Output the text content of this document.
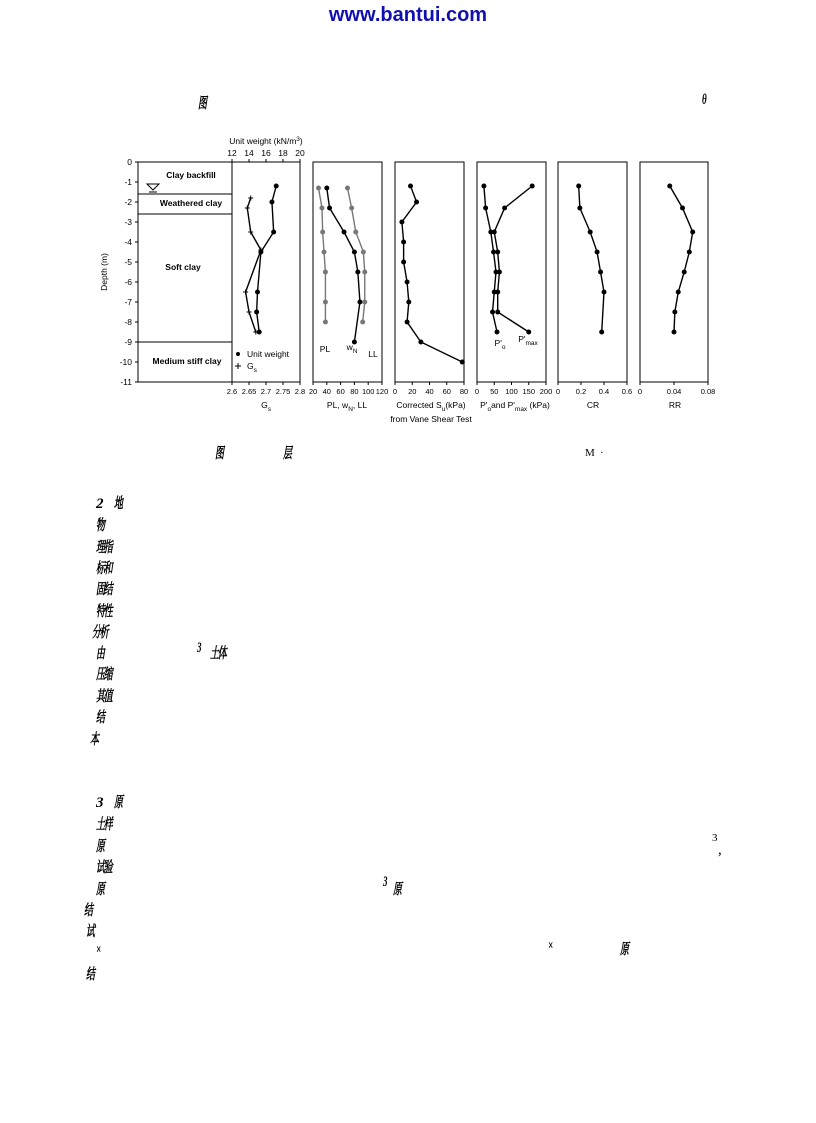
www.bantui.com
图	θ
0
-1
-2
-3
-4
-5
-6
-7
-8
-9
-10
-11
Depth (m)
Clay backfill
Weathered clay
Soft clay
Medium stiff clay
12 14 16 18 20
Unit weight $(kN/m^3)$
2.6 2.65 2.7 2.75 2.8 20 40 60 80 100 120 0 20 40 60 80 0 50 100 150 200 0 0.2 0.4 0.6 0	0.04	0.08
$G_s$	PL, $w_N$, LL	Corrected $S_u(kPa)$ $P'_oand$ $P'_{max}$ (kPa)	CR	RR
from Vane Shear Test
Unit weight
$G_s$
PL $w_N$ LL
$P'_o$
$P'_{max}$
图	层	M ·
2 地
物
理指
标和
固结
特性
分析
由	3 土体
压缩
其值
结
本
3 原
土样
原
试验
原	3 原
结
试
×	×	原
结
3
,
